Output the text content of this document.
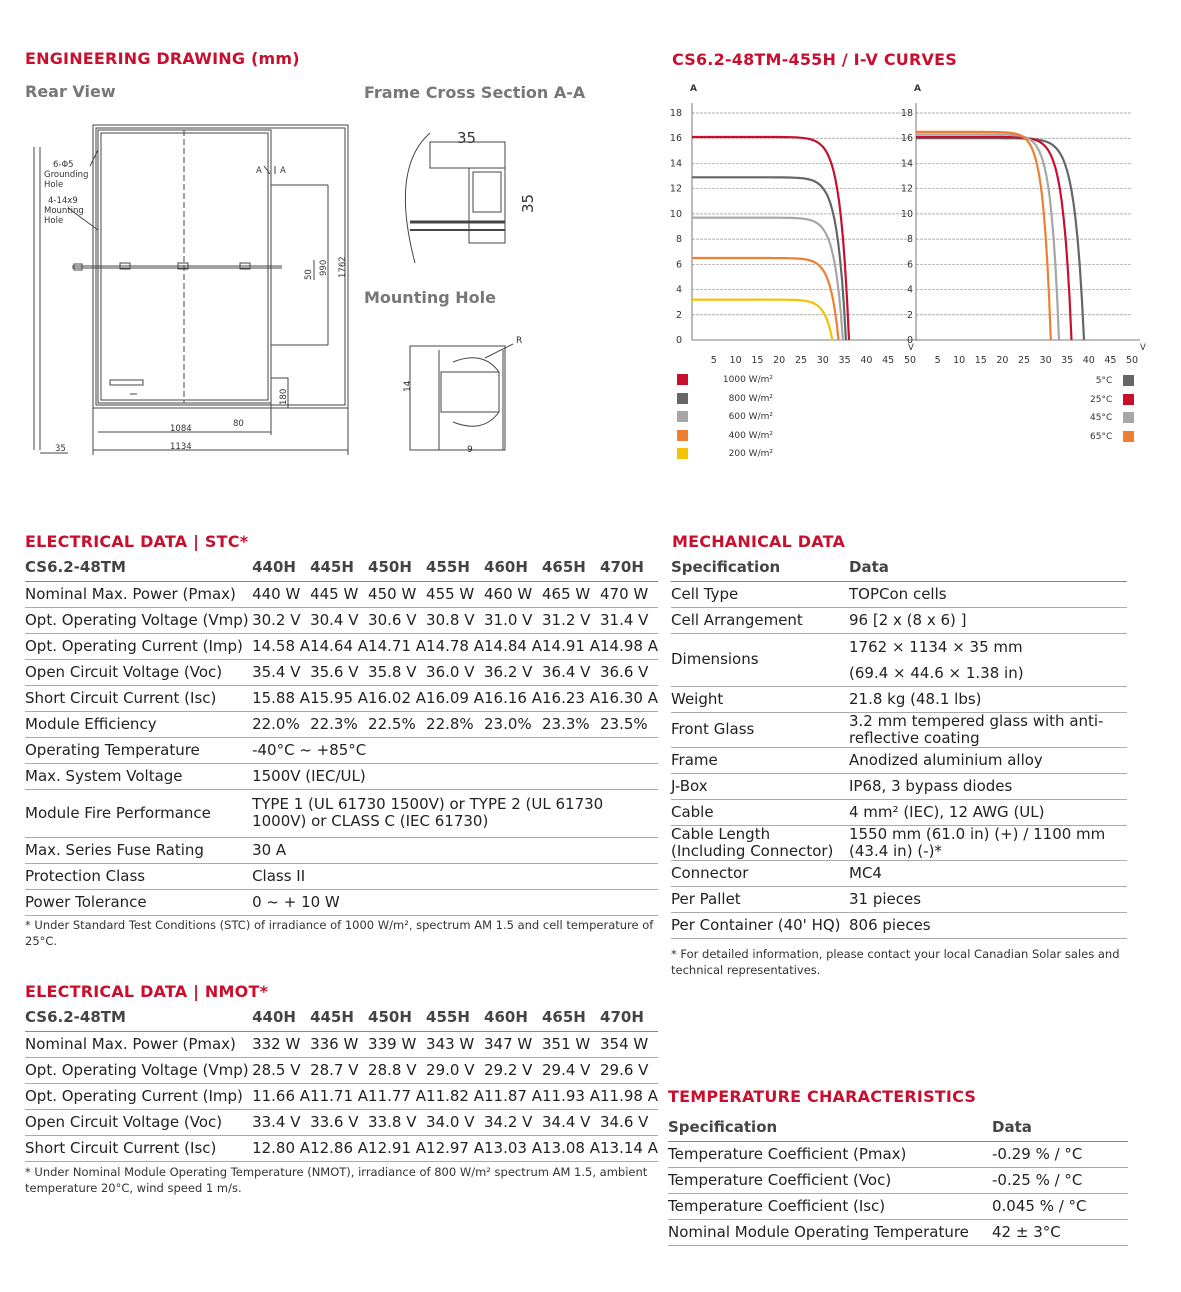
ENGINEERING DRAWING (mm)
Rear View	Frame Cross Section A-A
Mounting Hole
6-Φ5
Grounding
Hole
4-14x9
Mounting
Hole
A A
1084
1134
80
35
1762
990
50
180
35
35
R
14
9
CS6.2-48TM-455H / I-V CURVES
0
2
4
6
8
10
12
14
16
18
A
5 10 15 20 25 30 35 40 45 50
V
0
2
4
6
8
10
12
14
16
18
A
5 10 15 20 25 30 35 40 45 50
V
1000 W/m²
800 W/m²
600 W/m²
400 W/m²
200 W/m²
5°C
25°C
45°C
65°C
ELECTRICAL DATA | STC*
CS6.2-48TM	440H	445H	450H	455H	460H	465H	470H
Nominal Max. Power (Pmax)	440 W	445 W	450 W	455 W	460 W	465 W	470 W
Opt. Operating Voltage (Vmp)	30.2 V	30.4 V	30.6 V	30.8 V	31.0 V	31.2 V	31.4 V
Opt. Operating Current (Imp)	14.58 A	14.64 A	14.71 A	14.78 A	14.84 A	14.91 A	14.98 A
Open Circuit Voltage (Voc)	35.4 V	35.6 V	35.8 V	36.0 V	36.2 V	36.4 V	36.6 V
Short Circuit Current (Isc)	15.88 A	15.95 A	16.02 A	16.09 A	16.16 A	16.23 A	16.30 A
Module Efficiency	22.0%	22.3%	22.5%	22.8%	23.0%	23.3%	23.5%
Operating Temperature	-40°C ~ +85°C						
Max. System Voltage	1500V (IEC/UL)						
Module Fire Performance	TYPE 1 (UL 61730 1500V) or TYPE 2 (UL 61730 1000V) or CLASS C (IEC 61730)						
Max. Series Fuse Rating	30 A						
Protection Class	Class II						
Power Tolerance	0 ~ + 10 W						
* Under Standard Test Conditions (STC) of irradiance of 1000 W/m², spectrum AM 1.5 and cell temperature of 25°C.
ELECTRICAL DATA | NMOT*
CS6.2-48TM	440H	445H	450H	455H	460H	465H	470H
Nominal Max. Power (Pmax)	332 W	336 W	339 W	343 W	347 W	351 W	354 W
Opt. Operating Voltage (Vmp)	28.5 V	28.7 V	28.8 V	29.0 V	29.2 V	29.4 V	29.6 V
Opt. Operating Current (Imp)	11.66 A	11.71 A	11.77 A	11.82 A	11.87 A	11.93 A	11.98 A
Open Circuit Voltage (Voc)	33.4 V	33.6 V	33.8 V	34.0 V	34.2 V	34.4 V	34.6 V
Short Circuit Current (Isc)	12.80 A	12.86 A	12.91 A	12.97 A	13.03 A	13.08 A	13.14 A
* Under Nominal Module Operating Temperature (NMOT), irradiance of 800 W/m² spectrum AM 1.5, ambient temperature 20°C, wind speed 1 m/s.
MECHANICAL DATA
Specification	Data
Cell Type	TOPCon cells
Cell Arrangement	96 [2 x (8 x 6) ]
Dimensions	1762 × 1134 × 35 mm
(69.4 × 44.6 × 1.38 in)

Weight	21.8 kg (48.1 lbs)
Front Glass	3.2 mm tempered glass with anti-reflective coating
Frame	Anodized aluminium alloy
J-Box	IP68, 3 bypass diodes
Cable	4 mm² (IEC), 12 AWG (UL)
Cable Length (Including Connector)	1550 mm (61.0 in) (+) / 1100 mm (43.4 in) (-)*
Connector	MC4
Per Pallet	31 pieces
Per Container (40' HQ)	806 pieces
* For detailed information, please contact your local Canadian Solar sales and technical representatives.
TEMPERATURE CHARACTERISTICS
Specification	Data
Temperature Coefficient (Pmax)	-0.29 % / °C
Temperature Coefficient (Voc)	-0.25 % / °C
Temperature Coefficient (Isc)	0.045 % / °C
Nominal Module Operating Temperature	42 ± 3°C
